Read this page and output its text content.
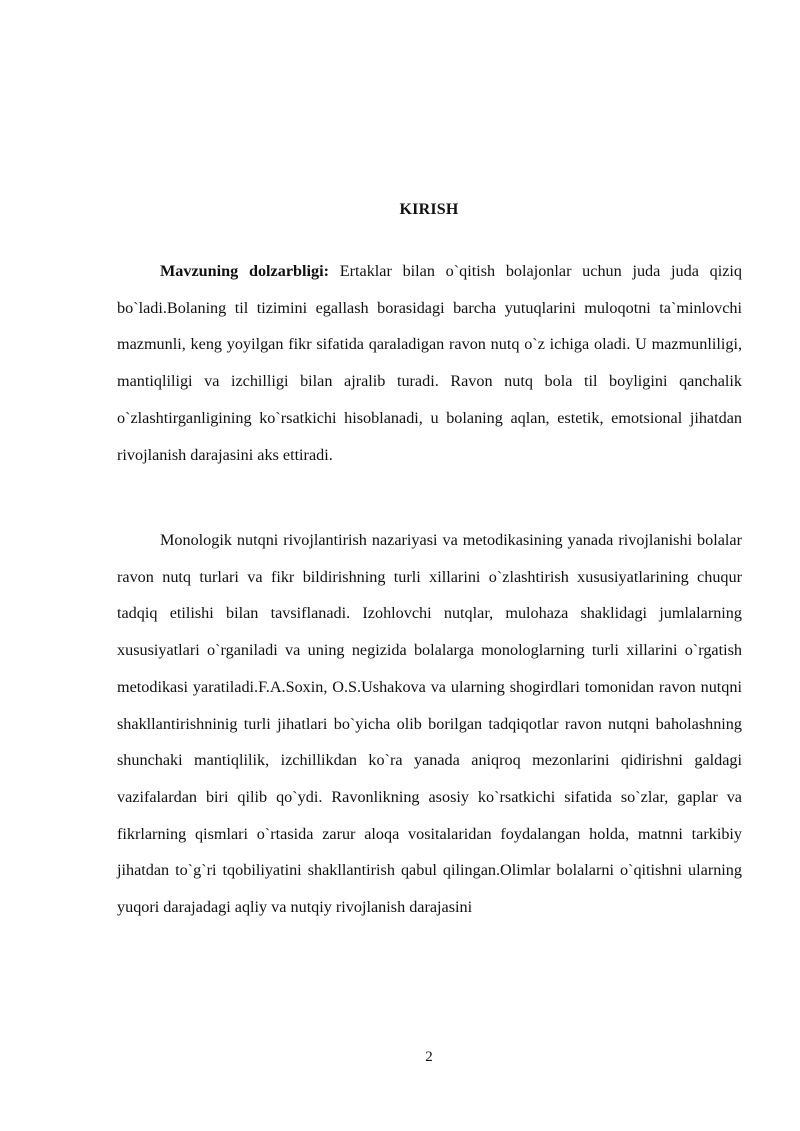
KIRISH

Mavzuning dolzarbligi: Ertaklar bilan o`qitish bolajonlar uchun juda juda qiziq bo`ladi.Bolaning til tizimini egallash borasidagi barcha yutuqlarini muloqotni ta`minlovchi mazmunli, keng yoyilgan fikr sifatida qaraladigan ravon nutq o`z ichiga oladi. U mazmunliligi, mantiqliligi va izchilligi bilan ajralib turadi. Ravon nutq bola til boyligini qanchalik o`zlashtirganligining ko`rsatkichi hisoblanadi, u bolaning aqlan, estetik, emotsional jihatdan rivojlanish darajasini aks ettiradi.

Monologik nutqni rivojlantirish nazariyasi va metodikasining yanada rivojlanishi bolalar ravon nutq turlari va fikr bildirishning turli xillarini o`zlashtirish xususiyatlarining chuqur tadqiq etilishi bilan tavsiflanadi. Izohlovchi nutqlar, mulohaza shaklidagi jumlalarning xususiyatlari o`rganiladi va uning negizida bolalarga monologlarning turli xillarini o`rgatish metodikasi yaratiladi.F.A.Soxin, O.S.Ushakova va ularning shogirdlari tomonidan ravon nutqni shakllantirishninig turli jihatlari bo`yicha olib borilgan tadqiqotlar ravon nutqni baholashning shunchaki mantiqlilik, izchillikdan ko`ra yanada aniqroq mezonlarini qidirishni galdagi vazifalardan biri qilib qo`ydi. Ravonlikning asosiy ko`rsatkichi sifatida so`zlar, gaplar va fikrlarning qismlari o`rtasida zarur aloqa vositalaridan foydalangan holda, matnni tarkibiy jihatdan to`g`ri tqobiliyatini shakllantirish qabul qilingan.Olimlar bolalarni o`qitishni ularning yuqori darajadagi aqliy va nutqiy rivojlanish darajasini

2
